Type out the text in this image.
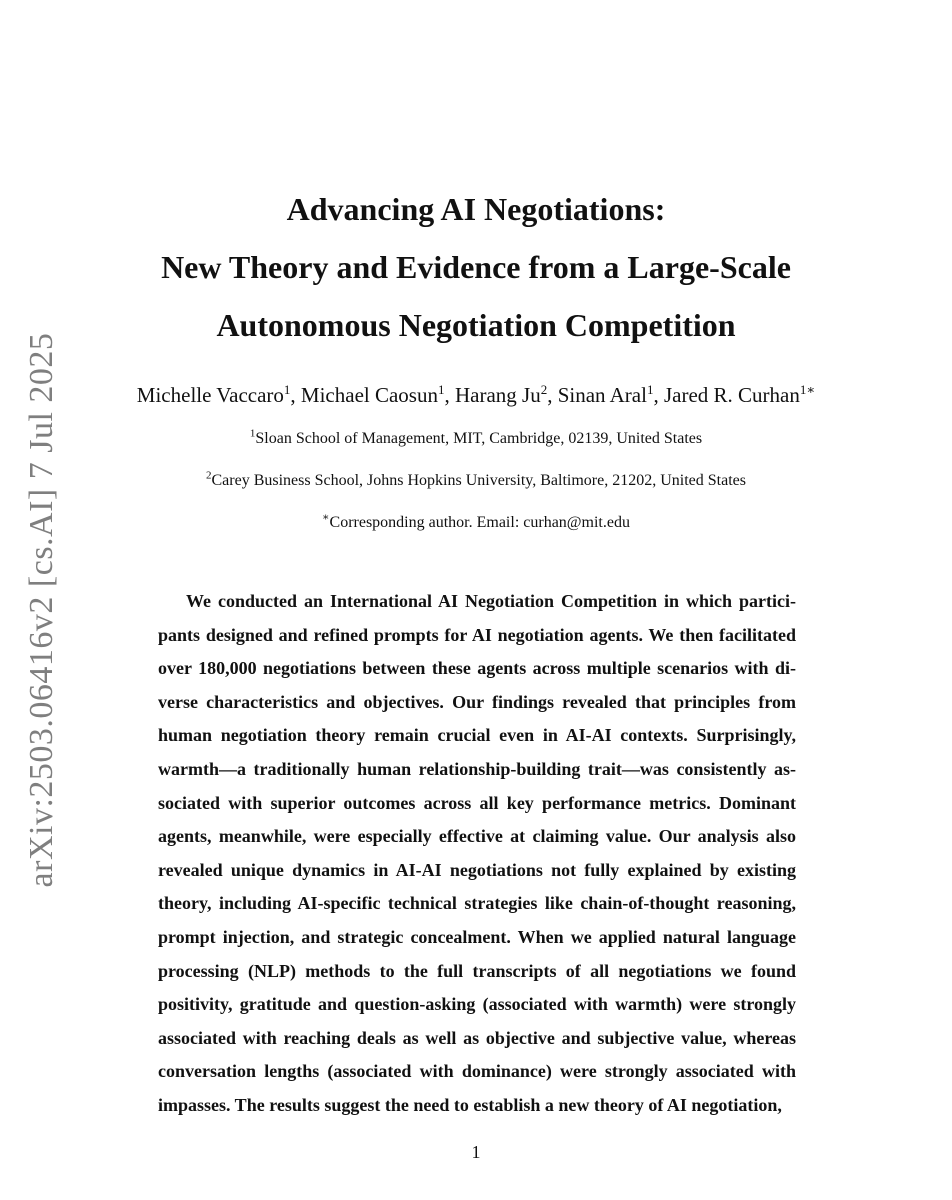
arXiv:2503.06416v2 [cs.AI] 7 Jul 2025

Advancing AI Negotiations:

New Theory and Evidence from a Large-Scale

Autonomous Negotiation Competition

Michelle Vaccaro$^1$, Michael Caosun$^1$, Harang Ju$^2$, Sinan Aral$^1$, Jared R. Curhan$^{1∗}$
$^1$Sloan School of Management, MIT, Cambridge, 02139, United States
$^2$Carey Business School, Johns Hopkins University, Baltimore, 21202, United States
∗Corresponding author. Email: curhan@mit.edu

We conducted an International AI Negotiation Competition in which participants designed and refined prompts for AI negotiation agents. We then facilitated over 180,000 negotiations between these agents across multiple scenarios with diverse characteristics and objectives. Our findings revealed that principles from human negotiation theory remain crucial even in AI-AI contexts. Surprisingly, warmth—a traditionally human relationship-building trait—was consistently associated with superior outcomes across all key performance metrics. Dominant agents, meanwhile, were especially effective at claiming value. Our analysis also revealed unique dynamics in AI-AI negotiations not fully explained by existing theory, including AI-specific technical strategies like chain-of-thought reasoning, prompt injection, and strategic concealment. When we applied natural language processing (NLP) methods to the full transcripts of all negotiations we found positivity, gratitude and question-asking (associated with warmth) were strongly associated with reaching deals as well as objective and subjective value, whereas conversation lengths (associated with dominance) were strongly associated with impasses. The results suggest the need to establish a new theory of AI negotiation,

1
